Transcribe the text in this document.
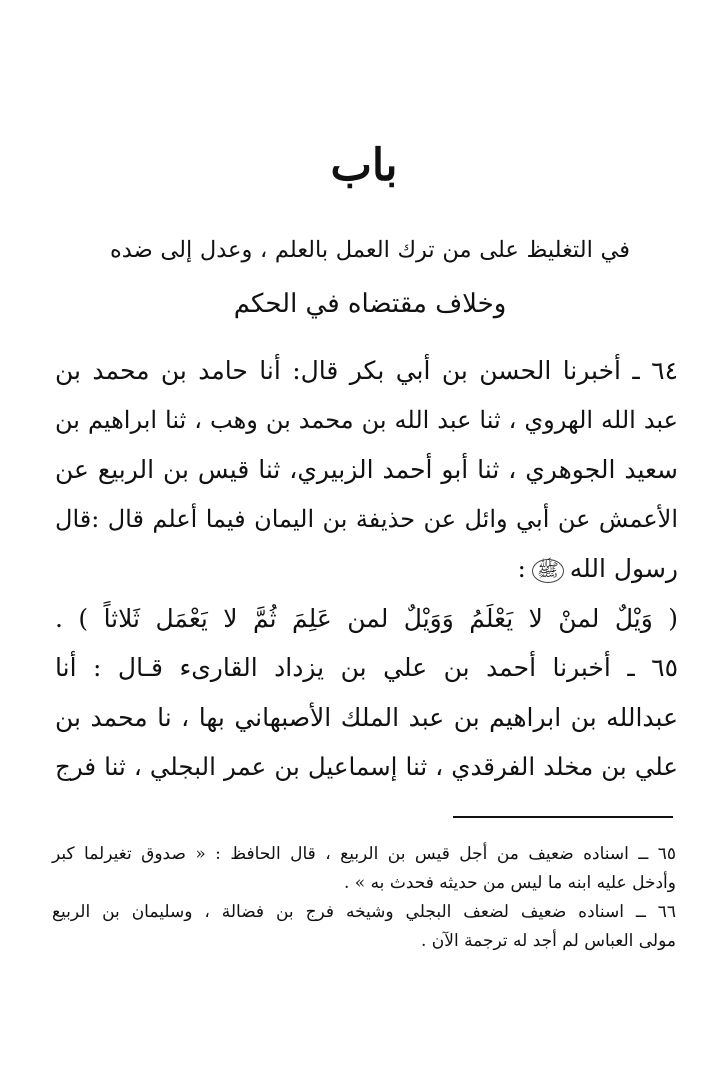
باب
في التغليظ على من ترك العمل بالعلم ، وعدل إلى ضده
وخلاف مقتضاه في الحكم
٦٤ ـ أخبرنا الحسن بن أبي بكر قال: أنا حامد بن محمد بن
عبد الله الهروي ، ثنا عبد الله بن محمد بن وهب ، ثنا ابراهيم بن
سعيد الجوهري ، ثنا أبو أحمد الزبيري، ثنا قيس بن الربيع عن
الأعمش عن أبي وائل عن حذيفة بن اليمان فيما أعلم قال :قال
رسول اللهﷺ:
( وَيْلٌ لمنْ لا يَعْلَمُ وَوَيْلٌ لمن عَلِمَ ثُمَّ لا يَعْمَل ثَلاثاً ) .
٦٥ ـ أخبرنا أحمد بن علي بن يزداد القارىء قـال : أنا
عبدالله بن ابراهيم بن عبد الملك الأصبهاني بها ، نا محمد بن
علي بن مخلد الفرقدي ، ثنا إسماعيل بن عمر البجلي ، ثنا فرج
٦٥ ــ اسناده ضعيف من أجل قيس بن الربيع ، قال الحافظ : « صدوق تغيرلما كبر
وأدخل عليه ابنه ما ليس من حديثه فحدث به » .
٦٦ ــ اسناده ضعيف لضعف البجلي وشيخه فرج بن فضالة ، وسليمان بن الربيع
مولى العباس لم أجد له ترجمة الآن .
